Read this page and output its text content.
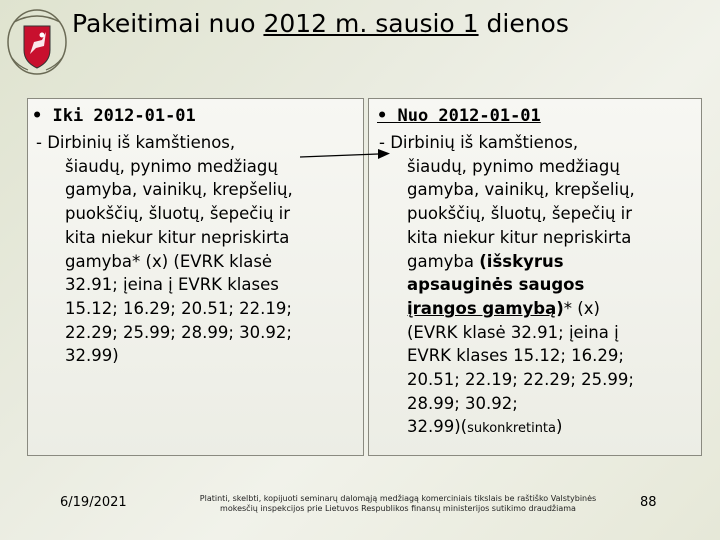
Pakeitimai nuo 2012 m. sausio 1 dienos
• Iki 2012-01-01
- Dirbinių iš kamštienos,
šiaudų, pynimo medžiagų
gamyba, vainikų, krepšelių,
puokščių, šluotų, šepečių ir
kita niekur kitur nepriskirta
gamyba* (x) (EVRK klasė
32.91; įeina į EVRK klases
15.12; 16.29; 20.51; 22.19;
22.29; 25.99; 28.99; 30.92;
32.99)
• Nuo 2012-01-01
- Dirbinių iš kamštienos,
šiaudų, pynimo medžiagų
gamyba, vainikų, krepšelių,
puokščių, šluotų, šepečių ir
kita niekur kitur nepriskirta
gamyba (išskyrus
apsauginės saugos
įrangos gamybą)* (x)
(EVRK klasė 32.91; įeina į
EVRK klases 15.12; 16.29;
20.51; 22.19; 22.29; 25.99;
28.99; 30.92;
32.99)(sukonkretinta)
6/19/2021	Platinti, skelbti, kopijuoti seminarų dalomąją medžiagą komerciniais tikslais be raštiško Valstybinės mokesčių inspekcijos prie Lietuvos Respublikos finansų ministerijos sutikimo draudžiama	88
